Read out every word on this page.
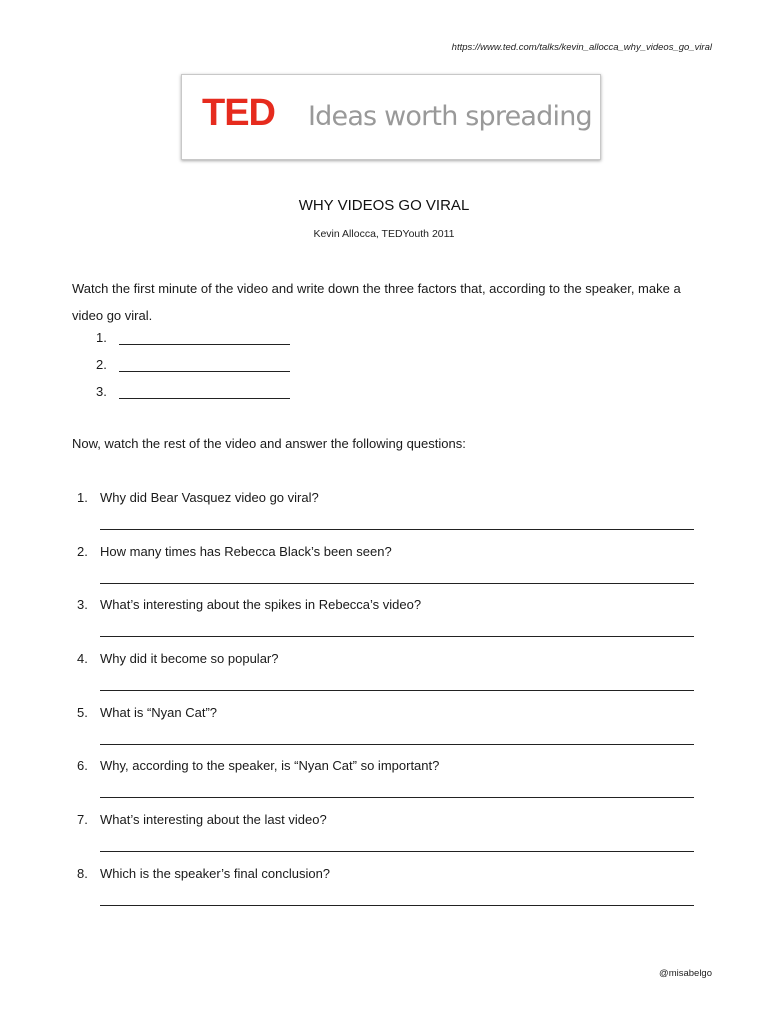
https://www.ted.com/talks/kevin_allocca_why_videos_go_viral
TED Ideas worth spreading
WHY VIDEOS GO VIRAL
Kevin Allocca, TEDYouth 2011
Watch the first minute of the video and write down the three factors that, according to the speaker, make a video go viral.
1.
2.
3.
Now, watch the rest of the video and answer the following questions:
1. Why did Bear Vasquez video go viral?
2. How many times has Rebecca Black’s been seen?
3. What’s interesting about the spikes in Rebecca’s video?
4. Why did it become so popular?
5. What is “Nyan Cat”?
6. Why, according to the speaker, is “Nyan Cat” so important?
7. What’s interesting about the last video?
8. Which is the speaker’s final conclusion?
@misabelgo
